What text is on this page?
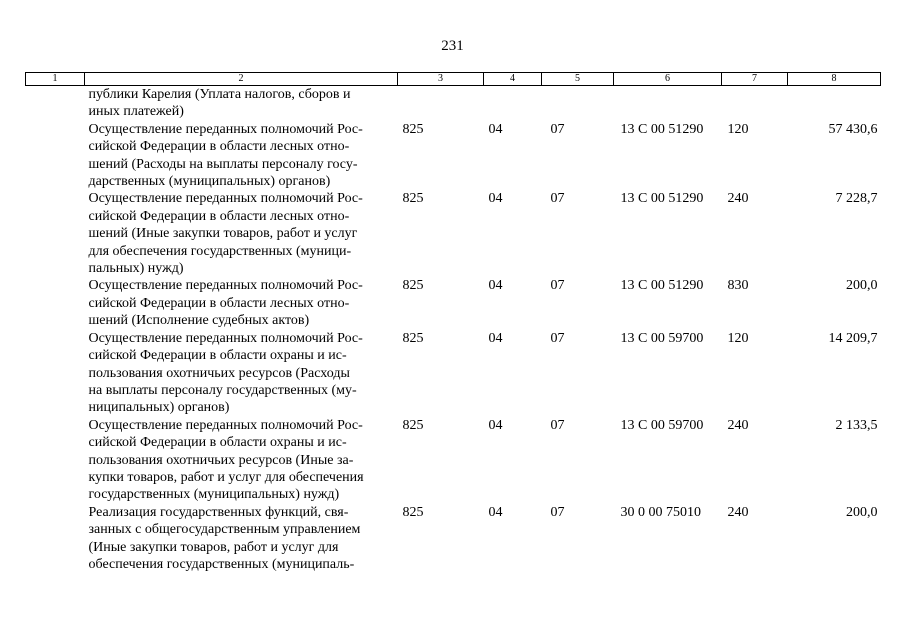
231
1	2	3	4	5	6	7	8

	публики Карелия (Уплата налогов, сборов и
иных платежей)						

	Осуществление переданных полномочий Рос-
сийской Федерации в области лесных отно-
шений (Расходы на выплаты персоналу госу-
дарственных (муниципальных) органов)	825	04	07	13 С 00 51290	120	57 430,6

	Осуществление переданных полномочий Рос-
сийской Федерации в области лесных отно-
шений (Иные закупки товаров, работ и услуг
для обеспечения государственных (муници-
пальных) нужд)	825	04	07	13 С 00 51290	240	7 228,7

	Осуществление переданных полномочий Рос-
сийской Федерации в области лесных отно-
шений (Исполнение судебных актов)	825	04	07	13 С 00 51290	830	200,0

	Осуществление переданных полномочий Рос-
сийской Федерации в области охраны и ис-
пользования охотничьих ресурсов (Расходы
на выплаты персоналу государственных (му-
ниципальных) органов)	825	04	07	13 С 00 59700	120	14 209,7

	Осуществление переданных полномочий Рос-
сийской Федерации в области охраны и ис-
пользования охотничьих ресурсов (Иные за-
купки товаров, работ и услуг для обеспечения
государственных (муниципальных) нужд)	825	04	07	13 С 00 59700	240	2 133,5

	Реализация государственных функций, свя-
занных с общегосударственным управлением
(Иные закупки товаров, работ и услуг для
обеспечения государственных (муниципаль-	825	04	07	30 0 00 75010	240	200,0
